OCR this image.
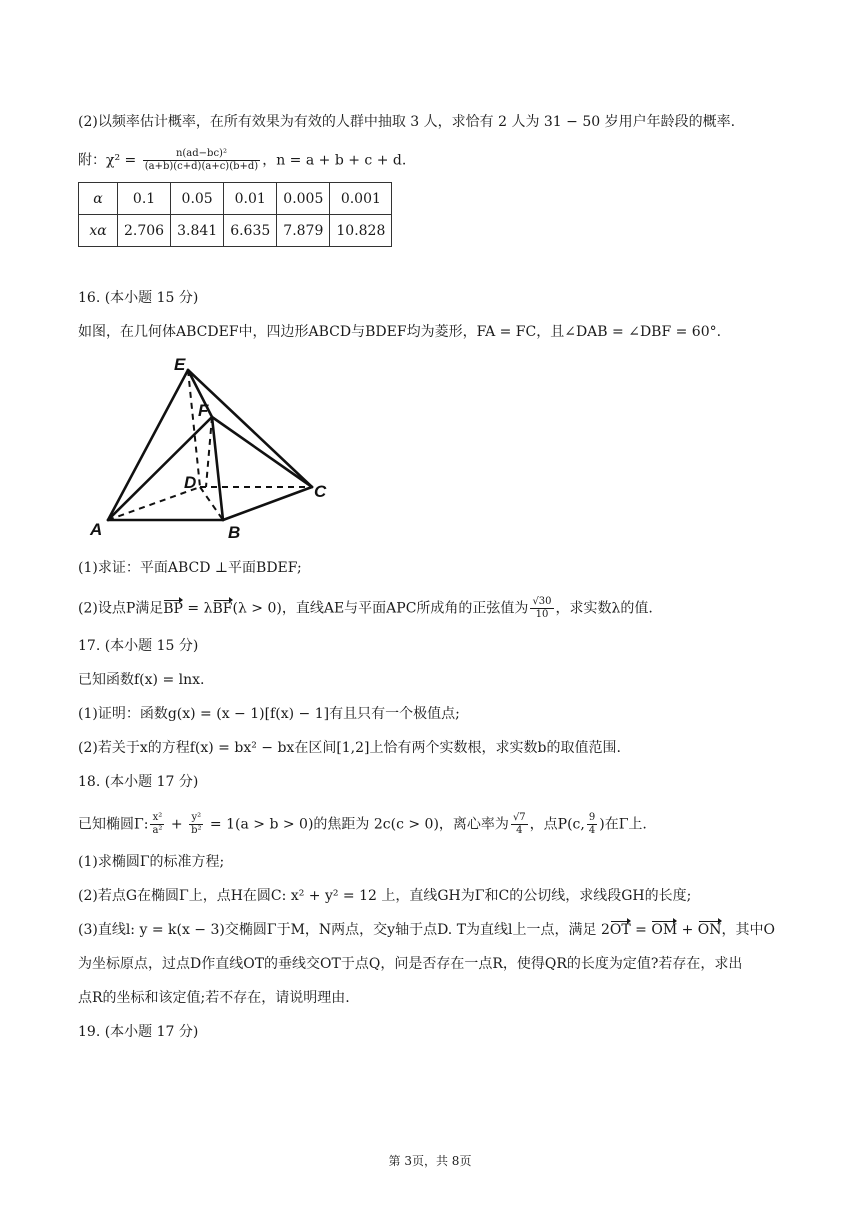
(2)以频率估计概率，在所有效果为有效的人群中抽取 3 人，求恰有 2 人为 31 − 50 岁用户年龄段的概率.
附：$\chi^2 = \frac{\text{n(ad−bc)²}}{(a+b)(c+d)(a+c)(b+d)}$ ，n = a + b + c + d.
α	0.1	0.05	0.01	0.005	0.001
xα	2.706	3.841	6.635	7.879	10.828
16. (本小题 15 分)
如图，在几何体ABCDEF中，四边形ABCD与BDEF均为菱形，FA = FC，且∠DAB = ∠DBF = 60°.
E
F
D	C
A	B
(1)求证：平面ABCD ⊥平面BDEF;
(2)设点P满足BP = λBF(λ > 0)，直线AE与平面APC所成角的正弦值为 $\frac{√30}{10}$ ，求实数λ的值.
17. (本小题 15 分)
已知函数f(x) = lnx.
(1)证明：函数g(x) = (x − 1)[f(x) − 1]有且只有一个极值点;
(2)若关于x的方程f(x) = bx² − bx在区间[1,2]上恰有两个实数根，求实数b的取值范围.
18. (本小题 17 分)
已知椭圆Γ: $\frac{\text{x²}}{\text{a²}} + \frac{\text{y²}}{\text{b²}} = 1(a > b > 0)$的焦距为 2c(c > 0)，离心率为 $\frac{√7}{4}$ ，点P(c, $\frac{9}{4}$ )在Γ上.
(1)求椭圆Γ的标准方程;
(2)若点G在椭圆Γ上，点H在圆C: x² + y² = 12 上，直线GH为Γ和C的公切线，求线段GH的长度;
(3)直线l: y = k(x − 3)交椭圆Γ于M，N两点，交y轴于点D. T为直线l上一点，满足 2OT = OM + ON，其中O
为坐标原点，过点D作直线OT的垂线交OT于点Q，问是否存在一点R，使得QR的长度为定值?若存在，求出
点R的坐标和该定值;若不存在，请说明理由.
19. (本小题 17 分)
第 3页，共 8页
